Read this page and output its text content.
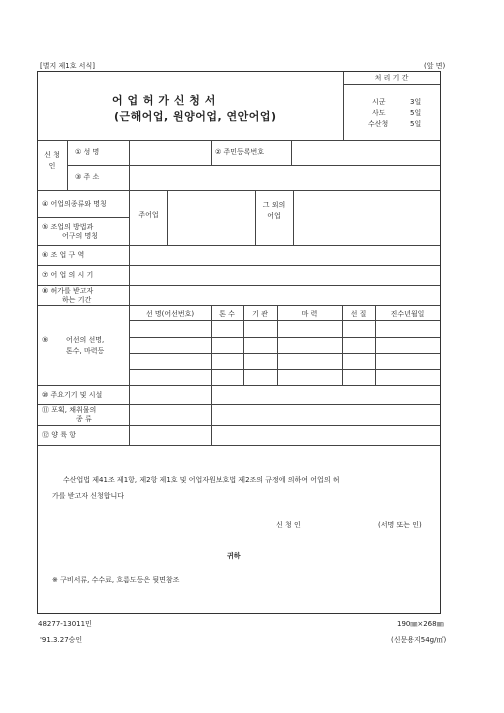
[별지 제1호 서식]	(앞 면)
어 업 허 가 신 청 서
(근해어업, 원양어업, 연안어업)
처 리 기 간
시군	3일
사도	5일
수산청	5일
신 청 인
① 성 명	② 주민등록번호
③ 주 소
④ 어업의종류와 명칭
⑤ 조업의 방법과
어구의 명칭
주어업
그 외의 어업
⑥ 조 업 구 역
⑦ 어 업 의 시 기
⑧ 허가를 받고자
하는 기간
선 명(어선번호)	톤 수	기 관	마 력	선 질	진수년월일
⑨	어선의 선명,
톤수, 마력등
⑩ 주요기기 및 시설
⑪ 포획, 채취물의
종 류
⑫ 양 륙 항
수산업법 제41조 제1항, 제2항 제1호 및 어업자원보호법 제2조의 규정에 의하여 어업의 허
가를 받고자 신청합니다
신 청 인	(서명 또는 인)
귀하
※ 구비서류, 수수료, 흐름도등은 뒷면참조
48277-13011민
'91.3.27승인
190㎜×268㎜
(신문용지54g/㎡)
